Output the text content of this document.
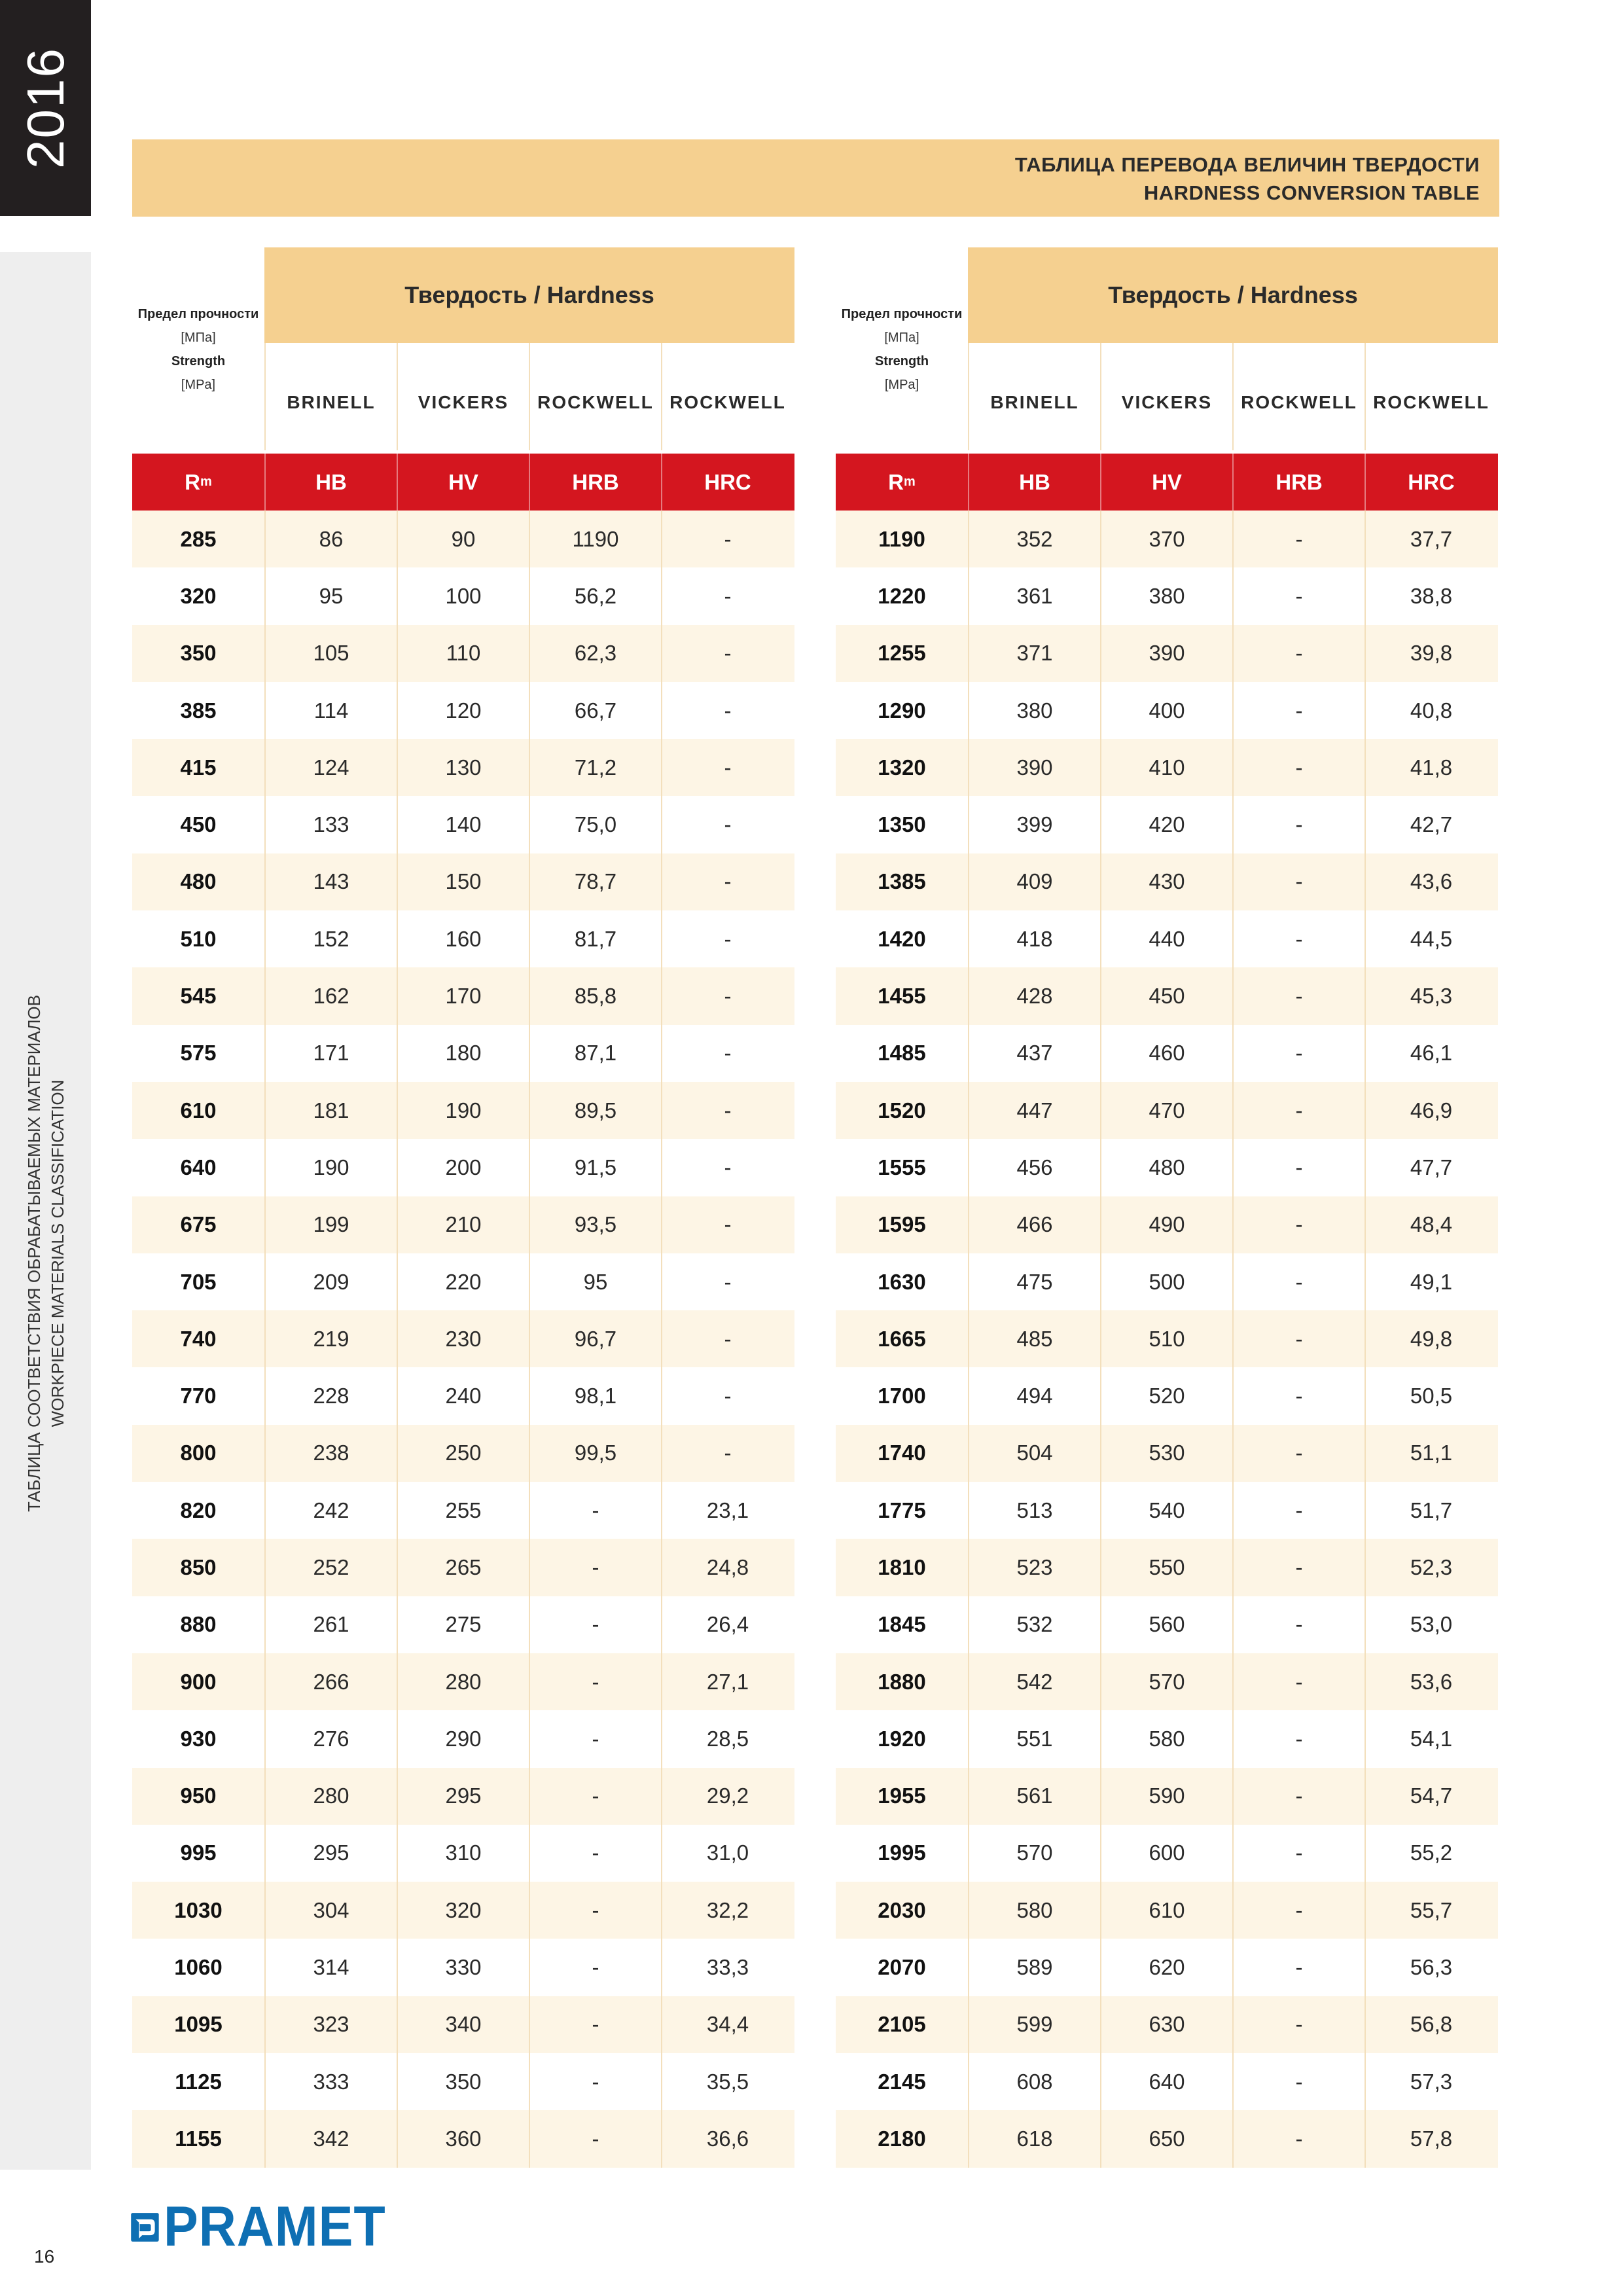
2016
ТАБЛИЦА СООТВЕТСТВИЯ ОБРАБАТЫВАЕМЫХ МАТЕРИАЛОВ WORKPIECE MATERIALS CLASSIFICATION
ТАБЛИЦА ПЕРЕВОДА ВЕЛИЧИН ТВЕРДОСТИ
HARDNESS CONVERSION TABLE
Предел прочности
[МПа]
Strength
[MPa]
Твердость / Hardness
BRINELL	VICKERS	ROCKWELL ROCKWELL
R m	HB	HV	HRB	HRC
285	86	90	1190	-
320	95	100	56,2	-
350	105	110	62,3	-
385	114	120	66,7	-
415	124	130	71,2	-
450	133	140	75,0	-
480	143	150	78,7	-
510	152	160	81,7	-
545	162	170	85,8	-
575	171	180	87,1	-
610	181	190	89,5	-
640	190	200	91,5	-
675	199	210	93,5	-
705	209	220	95	-
740	219	230	96,7	-
770	228	240	98,1	-
800	238	250	99,5	-
820	242	255	-	23,1
850	252	265	-	24,8
880	261	275	-	26,4
900	266	280	-	27,1
930	276	290	-	28,5
950	280	295	-	29,2
995	295	310	-	31,0
1030	304	320	-	32,2
1060	314	330	-	33,3
1095	323	340	-	34,4
1125	333	350	-	35,5
1155	342	360	-	36,6
Предел прочности
[МПа]
Strength
[MPa]
Твердость / Hardness
BRINELL	VICKERS	ROCKWELL ROCKWELL
R m	HB	HV	HRB	HRC
1190	352	370	-	37,7
1220	361	380	-	38,8
1255	371	390	-	39,8
1290	380	400	-	40,8
1320	390	410	-	41,8
1350	399	420	-	42,7
1385	409	430	-	43,6
1420	418	440	-	44,5
1455	428	450	-	45,3
1485	437	460	-	46,1
1520	447	470	-	46,9
1555	456	480	-	47,7
1595	466	490	-	48,4
1630	475	500	-	49,1
1665	485	510	-	49,8
1700	494	520	-	50,5
1740	504	530	-	51,1
1775	513	540	-	51,7
1810	523	550	-	52,3
1845	532	560	-	53,0
1880	542	570	-	53,6
1920	551	580	-	54,1
1955	561	590	-	54,7
1995	570	600	-	55,2
2030	580	610	-	55,7
2070	589	620	-	56,3
2105	599	630	-	56,8
2145	608	640	-	57,3
2180	618	650	-	57,8
PRAMET
16
